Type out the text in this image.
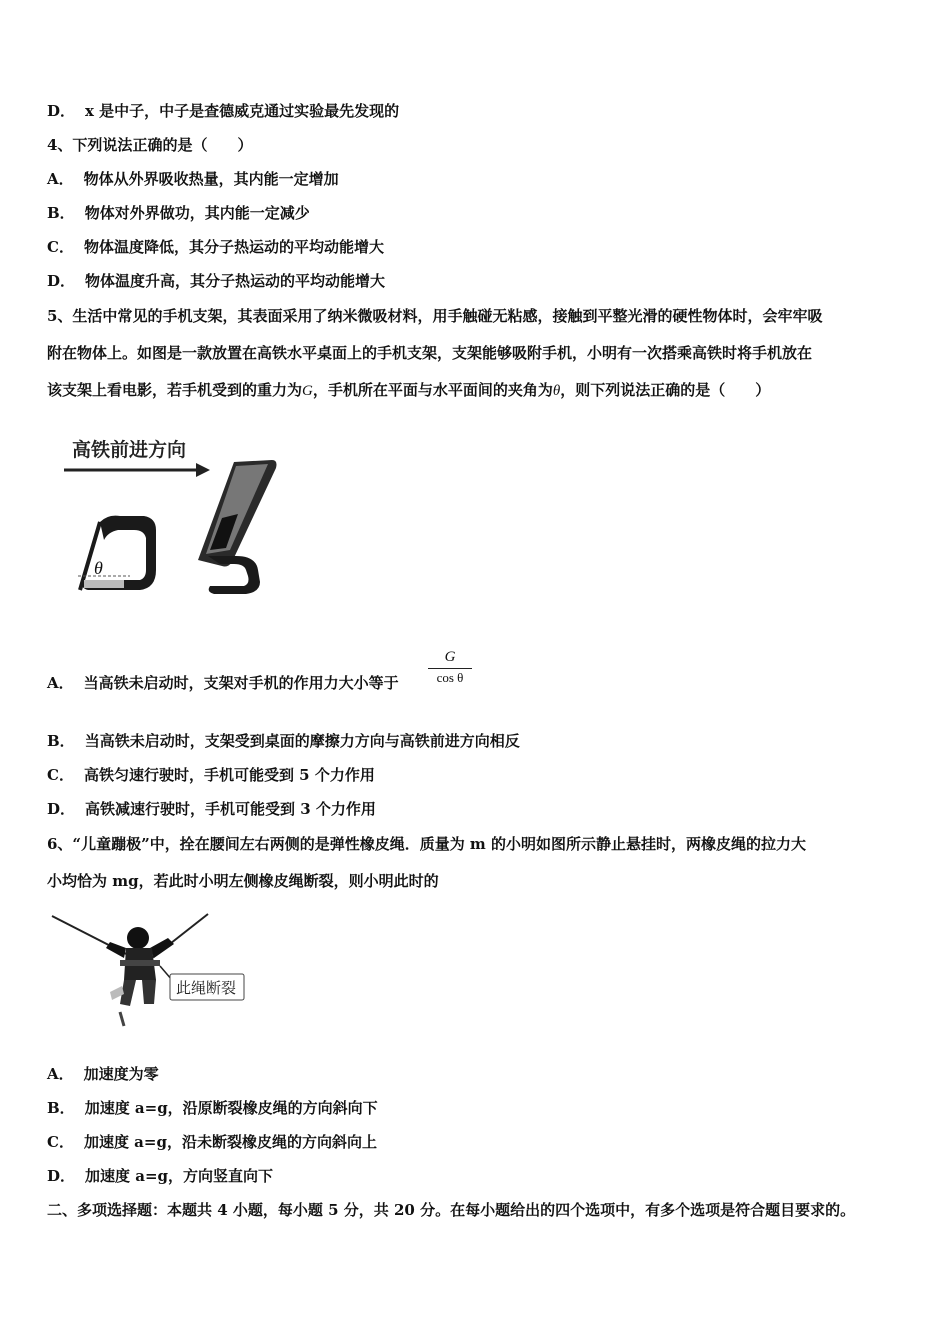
D． x 是中子，中子是查德威克通过实验最先发现的
4、下列说法正确的是（　　）
A． 物体从外界吸收热量，其内能一定增加
B． 物体对外界做功，其内能一定减少
C． 物体温度降低，其分子热运动的平均动能增大
D． 物体温度升高，其分子热运动的平均动能增大
5、生活中常见的手机支架，其表面采用了纳米微吸材料，用手触碰无粘感，接触到平整光滑的硬性物体时，会牢牢吸
附在物体上。如图是一款放置在高铁水平桌面上的手机支架，支架能够吸附手机，小明有一次搭乘高铁时将手机放在
该支架上看电影，若手机受到的重力为G，手机所在平面与水平面间的夹角为θ，则下列说法正确的是（　　）
高铁前进方向
θ
A． 当高铁未启动时，支架对手机的作用力大小等于 $\frac{G}{\text{cos θ}}$
B． 当高铁未启动时，支架受到桌面的摩擦力方向与高铁前进方向相反
C． 高铁匀速行驶时，手机可能受到 5 个力作用
D． 高铁减速行驶时，手机可能受到 3 个力作用
6、“儿童蹦极”中，拴在腰间左右两侧的是弹性橡皮绳．质量为 m 的小明如图所示静止悬挂时，两橡皮绳的拉力大
小均恰为 mg，若此时小明左侧橡皮绳断裂，则小明此时的
此绳断裂
A． 加速度为零
B． 加速度 a=g，沿原断裂橡皮绳的方向斜向下
C． 加速度 a=g，沿未断裂橡皮绳的方向斜向上
D． 加速度 a=g，方向竖直向下
二、多项选择题：本题共 4 小题，每小题 5 分，共 20 分。在每小题给出的四个选项中，有多个选项是符合题目要求的。
